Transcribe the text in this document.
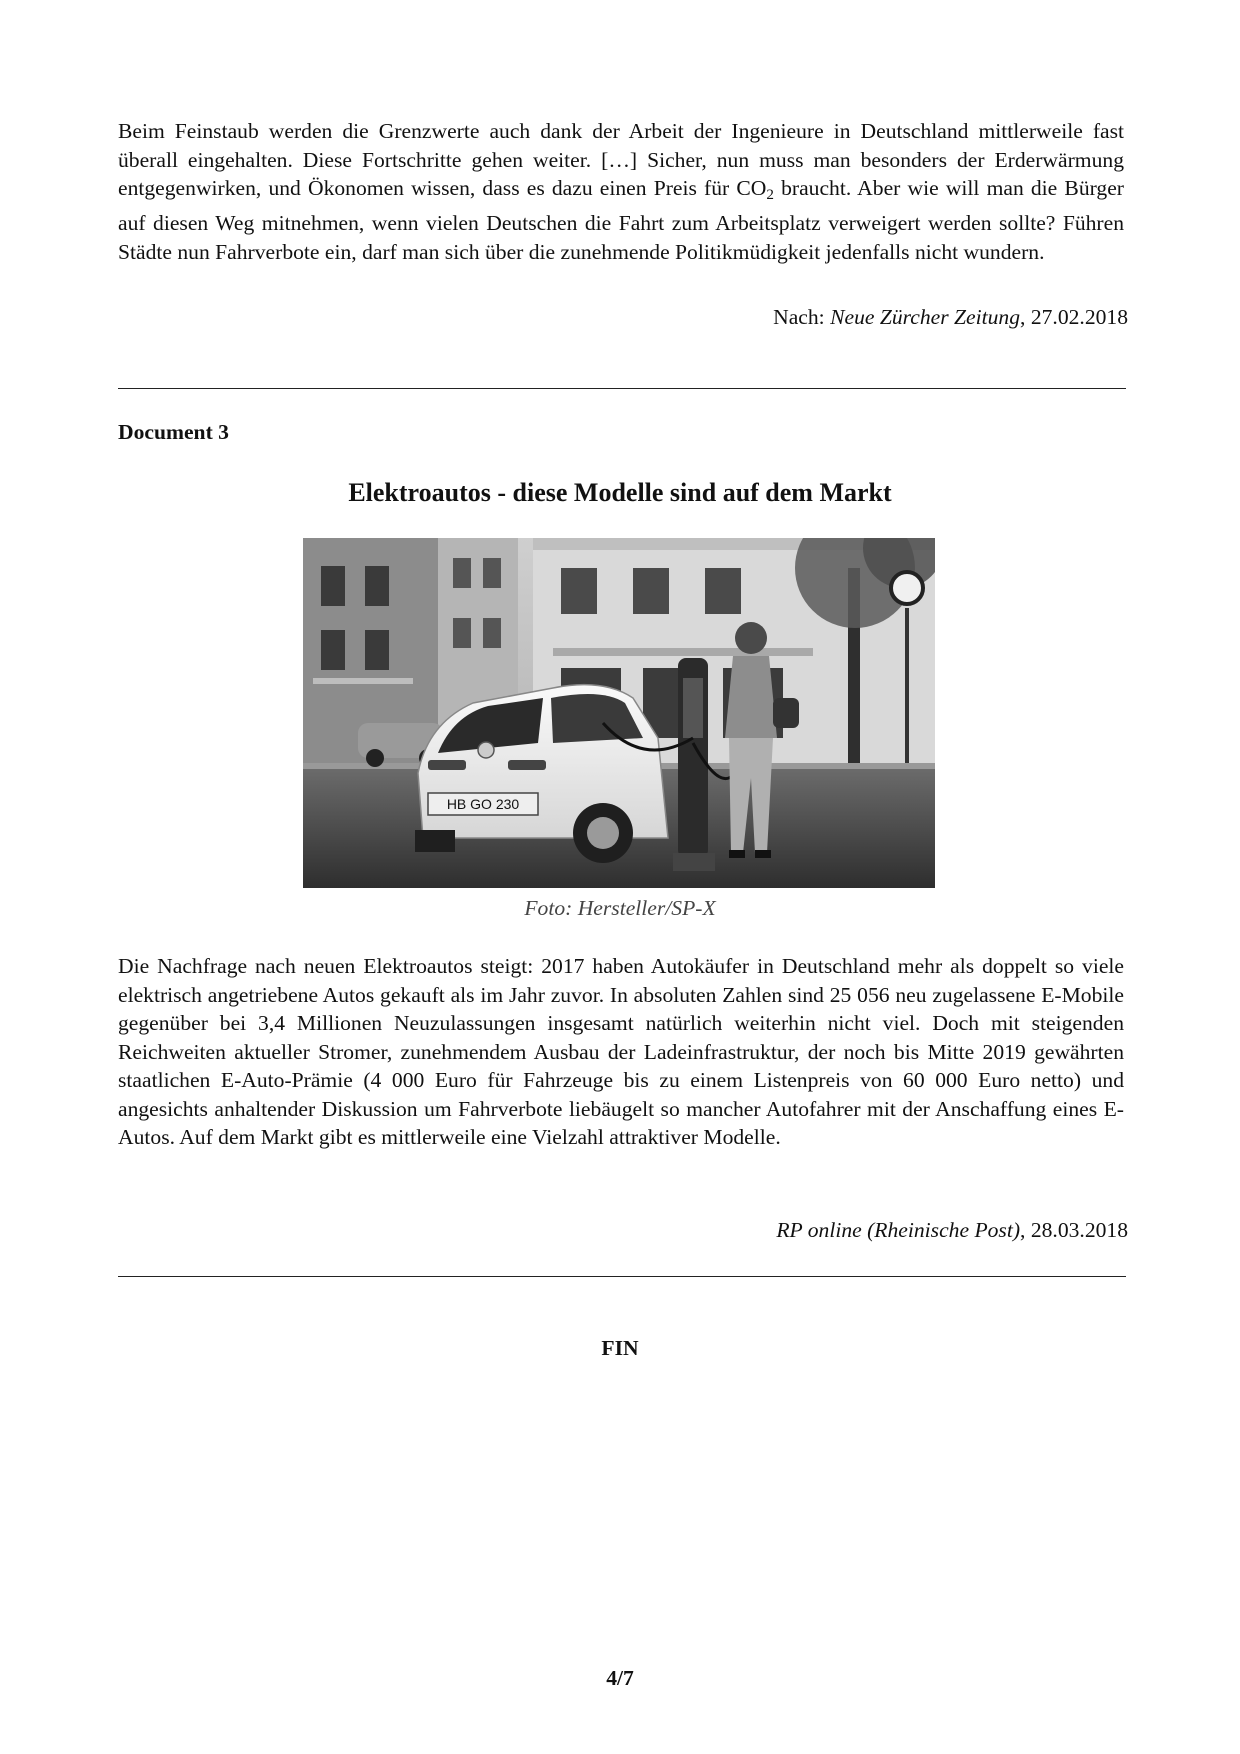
Beim Feinstaub werden die Grenzwerte auch dank der Arbeit der Ingenieure in Deutschland mittlerweile fast überall eingehalten. Diese Fortschritte gehen weiter. […] Sicher, nun muss man besonders der Erderwärmung entgegenwirken, und Ökonomen wissen, dass es dazu einen Preis für $CO_2$ braucht. Aber wie will man die Bürger auf diesen Weg mitnehmen, wenn vielen Deutschen die Fahrt zum Arbeitsplatz verweigert werden sollte? Führen Städte nun Fahrverbote ein, darf man sich über die zunehmende Politikmüdigkeit jedenfalls nicht wundern.

Nach: Neue Zürcher Zeitung, 27.02.2018
Document 3
Elektroautos - diese Modelle sind auf dem Markt
HB GO 230
Foto: Hersteller/SP-X

Die Nachfrage nach neuen Elektroautos steigt: 2017 haben Autokäufer in Deutschland mehr als doppelt so viele elektrisch angetriebene Autos gekauft als im Jahr zuvor. In absoluten Zahlen sind 25 056 neu zugelassene E-Mobile gegenüber bei 3,4 Millionen Neuzulassungen insgesamt natürlich weiterhin nicht viel. Doch mit steigenden Reichweiten aktueller Stromer, zunehmendem Ausbau der Ladeinfrastruktur, der noch bis Mitte 2019 gewährten staatlichen E-Auto-Prämie (4 000 Euro für Fahrzeuge bis zu einem Listenpreis von 60 000 Euro netto) und angesichts anhaltender Diskussion um Fahrverbote liebäugelt so mancher Autofahrer mit der Anschaffung eines E-Autos. Auf dem Markt gibt es mittlerweile eine Vielzahl attraktiver Modelle.

RP online (Rheinische Post), 28.03.2018
FIN
4/7
